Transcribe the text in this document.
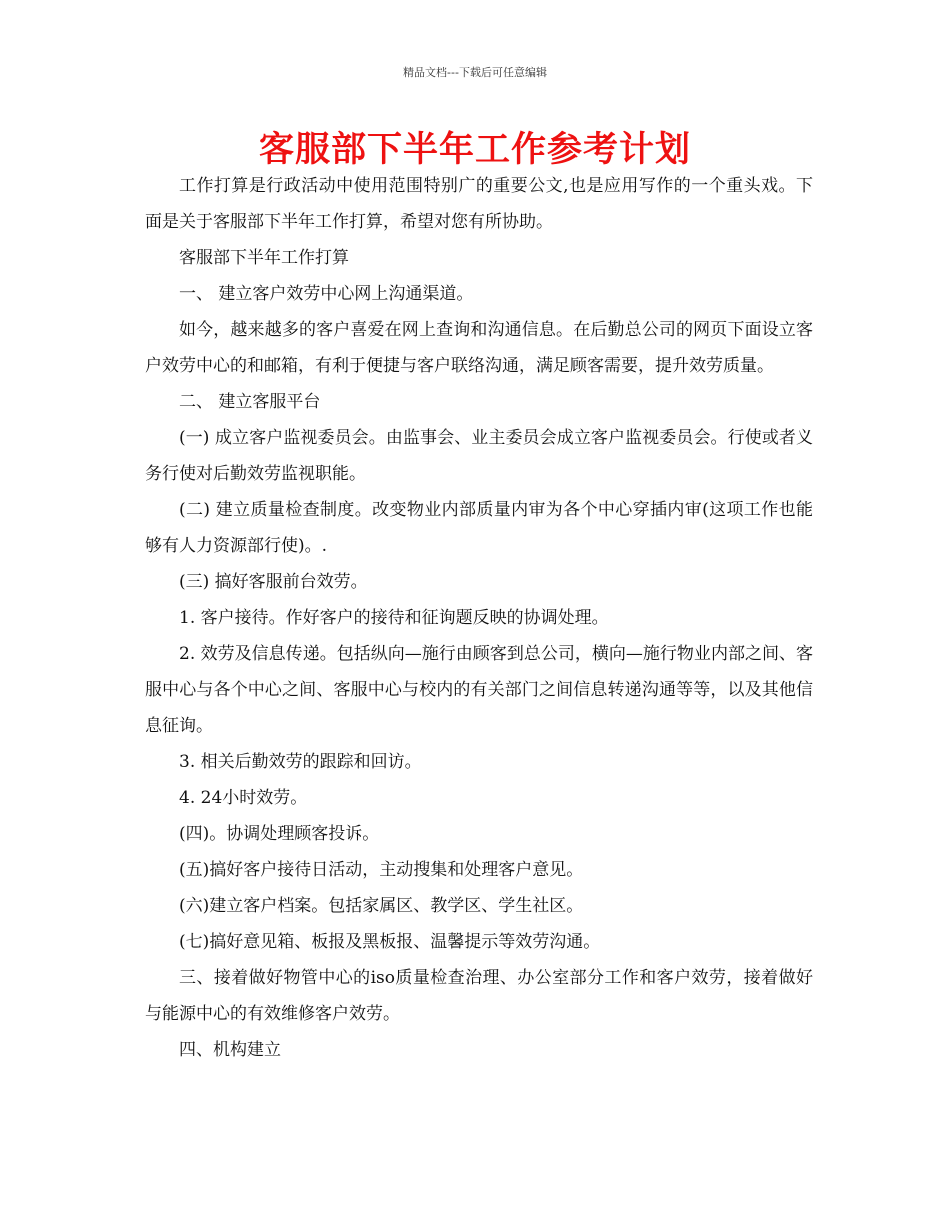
精品文档---下载后可任意编辑
客服部下半年工作参考计划

工作打算是行政活动中使用范围特别广的重要公文,也是应用写作的一个重头戏。下面是关于客服部下半年工作打算，希望对您有所协助。

客服部下半年工作打算

一、 建立客户效劳中心网上沟通渠道。

如今，越来越多的客户喜爱在网上查询和沟通信息。在后勤总公司的网页下面设立客户效劳中心的和邮箱，有利于便捷与客户联络沟通，满足顾客需要，提升效劳质量。

二、 建立客服平台

(一) 成立客户监视委员会。由监事会、业主委员会成立客户监视委员会。行使或者义务行使对后勤效劳监视职能。

(二) 建立质量检查制度。改变物业内部质量内审为各个中心穿插内审(这项工作也能够有人力资源部行使)。.

(三) 搞好客服前台效劳。

1. 客户接待。作好客户的接待和征询题反映的协调处理。

2. 效劳及信息传递。包括纵向—施行由顾客到总公司，横向—施行物业内部之间、客服中心与各个中心之间、客服中心与校内的有关部门之间信息转递沟通等等，以及其他信息征询。

3. 相关后勤效劳的跟踪和回访。

4. 24小时效劳。

(四)。协调处理顾客投诉。

(五)搞好客户接待日活动，主动搜集和处理客户意见。

(六)建立客户档案。包括家属区、教学区、学生社区。

(七)搞好意见箱、板报及黑板报、温馨提示等效劳沟通。

三、接着做好物管中心的iso质量检查治理、办公室部分工作和客户效劳，接着做好与能源中心的有效维修客户效劳。

四、机构建立
